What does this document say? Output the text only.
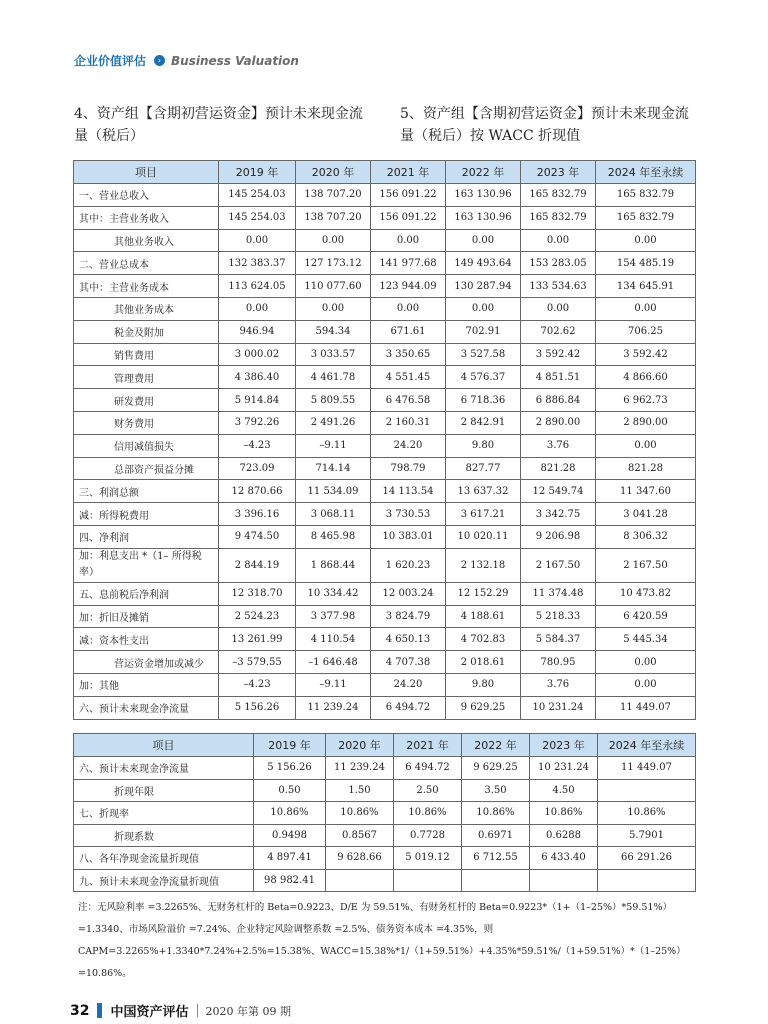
企业价值评估	› Business Valuation
4、资产组【含期初营运资金】预计未来现金流量（税后）
5、资产组【含期初营运资金】预计未来现金流量（税后）按 WACC 折现值
项目	2019 年	2020 年	2021 年	2022 年	2023 年	2024 年至永续
一、营业总收入	145 254.03	138 707.20	156 091.22	163 130.96	165 832.79	165 832.79
其中：主营业务收入	145 254.03	138 707.20	156 091.22	163 130.96	165 832.79	165 832.79
其他业务收入	0.00	0.00	0.00	0.00	0.00	0.00
二、营业总成本	132 383.37	127 173.12	141 977.68	149 493.64	153 283.05	154 485.19
其中：主营业务成本	113 624.05	110 077.60	123 944.09	130 287.94	133 534.63	134 645.91
其他业务成本	0.00	0.00	0.00	0.00	0.00	0.00
税金及附加	946.94	594.34	671.61	702.91	702.62	706.25
销售费用	3 000.02	3 033.57	3 350.65	3 527.58	3 592.42	3 592.42
管理费用	4 386.40	4 461.78	4 551.45	4 576.37	4 851.51	4 866.60
研发费用	5 914.84	5 809.55	6 476.58	6 718.36	6 886.84	6 962.73
财务费用	3 792.26	2 491.26	2 160.31	2 842.91	2 890.00	2 890.00
信用减值损失	–4.23	–9.11	24.20	9.80	3.76	0.00
总部资产损益分摊	723.09	714.14	798.79	827.77	821.28	821.28
三、利润总额	12 870.66	11 534.09	14 113.54	13 637.32	12 549.74	11 347.60
减：所得税费用	3 396.16	3 068.11	3 730.53	3 617.21	3 342.75	3 041.28
四、净利润	9 474.50	8 465.98	10 383.01	10 020.11	9 206.98	8 306.32
加：利息支出 *（1– 所得税率）	2 844.19	1 868.44	1 620.23	2 132.18	2 167.50	2 167.50
五、息前税后净利润	12 318.70	10 334.42	12 003.24	12 152.29	11 374.48	10 473.82
加：折旧及摊销	2 524.23	3 377.98	3 824.79	4 188.61	5 218.33	6 420.59
减：资本性支出	13 261.99	4 110.54	4 650.13	4 702.83	5 584.37	5 445.34
营运资金增加或减少	–3 579.55	–1 646.48	4 707.38	2 018.61	780.95	0.00
加：其他	–4.23	–9.11	24.20	9.80	3.76	0.00
六、预计未来现金净流量	5 156.26	11 239.24	6 494.72	9 629.25	10 231.24	11 449.07
项目	2019 年	2020 年	2021 年	2022 年	2023 年	2024 年至永续
六、预计未来现金净流量	5 156.26	11 239.24	6 494.72	9 629.25	10 231.24	11 449.07
折现年限	0.50	1.50	2.50	3.50	4.50	
七、折现率	10.86%	10.86%	10.86%	10.86%	10.86%	10.86%
折现系数	0.9498	0.8567	0.7728	0.6971	0.6288	5.7901
八、各年净现金流量折现值	4 897.41	9 628.66	5 019.12	6 712.55	6 433.40	66 291.26
九、预计未来现金净流量折现值	98 982.41					
注：无风险利率 =3.2265%、无财务杠杆的 Beta=0.9223、D/E 为 59.51%、有财务杠杆的 Beta=0.9223*（1+（1–25%）*59.51%）=1.3340、市场风险溢价 =7.24%、企业特定风险调整系数 =2.5%、债务资本成本 =4.35%，则 CAPM=3.2265%+1.3340*7.24%+2.5%=15.38%、WACC=15.38%*1/（1+59.51%）+4.35%*59.51%/（1+59.51%）*（1–25%）=10.86%。
32 中国资产评估 2020 年第 09 期
